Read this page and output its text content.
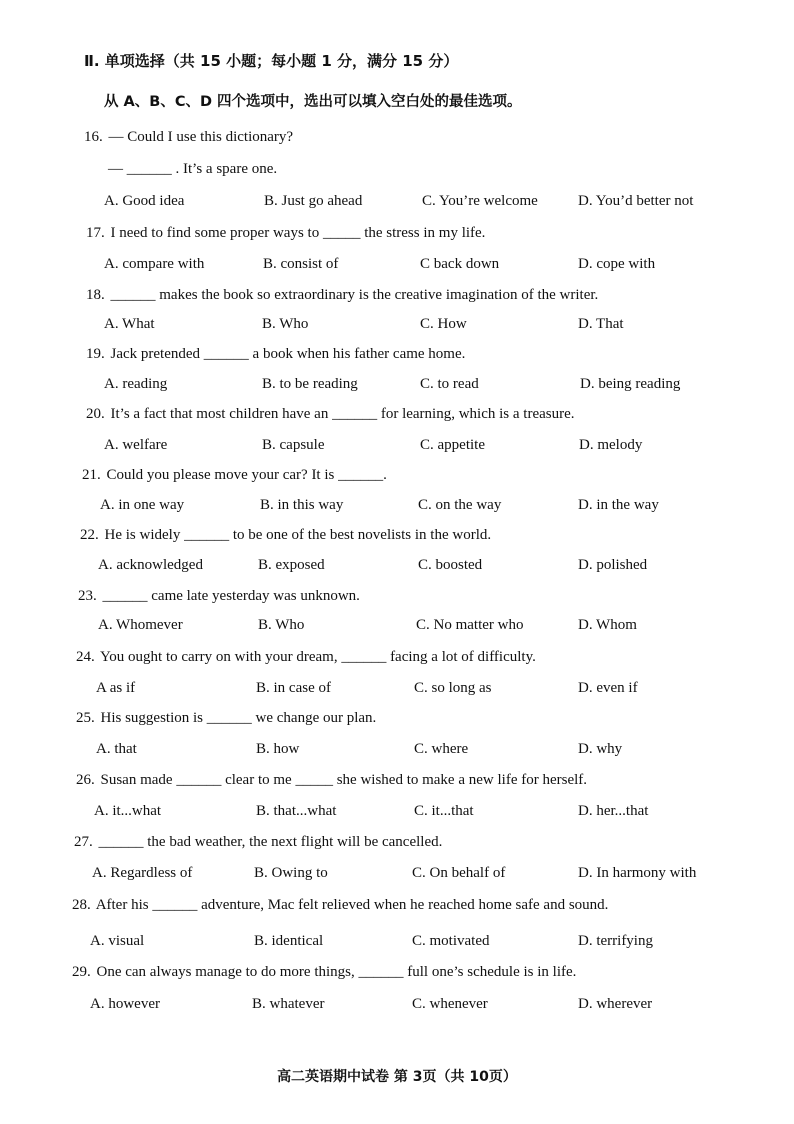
Ⅱ. 单项选择（共 15 小题；每小题 1 分，满分 15 分）
从 A、B、C、D 四个选项中，选出可以填入空白处的最佳选项。
16. — Could I use this dictionary?
— ______ . It’s a spare one.
A. Good idea	B. Just go ahead	C. You’re welcome	D. You’d better not
17. I need to find some proper ways to _____ the stress in my life.
A. compare with	B. consist of	C back down	D. cope with
18. ______ makes the book so extraordinary is the creative imagination of the writer.
A. What	B. Who	C. How	D. That
19. Jack pretended ______ a book when his father came home.
A. reading	B. to be reading	C. to read	D. being reading
20. It’s a fact that most children have an ______ for learning, which is a treasure.
A. welfare	B. capsule	C. appetite	D. melody
21. Could you please move your car? It is ______.
A. in one way	B. in this way	C. on the way	D. in the way
22. He is widely ______ to be one of the best novelists in the world.
A. acknowledged	B. exposed	C. boosted	D. polished
23. ______ came late yesterday was unknown.
A. Whomever	B. Who	C. No matter who	D. Whom
24. You ought to carry on with your dream, ______ facing a lot of difficulty.
A as if	B. in case of	C. so long as	D. even if
25. His suggestion is ______ we change our plan.
A. that	B. how	C. where	D. why
26. Susan made ______ clear to me _____ she wished to make a new life for herself.
A. it...what	B. that...what	C. it...that	D. her...that
27. ______ the bad weather, the next flight will be cancelled.
A. Regardless of	B. Owing to	C. On behalf of	D. In harmony with
28. After his ______ adventure, Mac felt relieved when he reached home safe and sound.
A. visual	B. identical	C. motivated	D. terrifying
29. One can always manage to do more things, ______ full one’s schedule is in life.
A. however	B. whatever	C. whenever	D. wherever
高二英语期中试卷 第 3页（共 10页）
